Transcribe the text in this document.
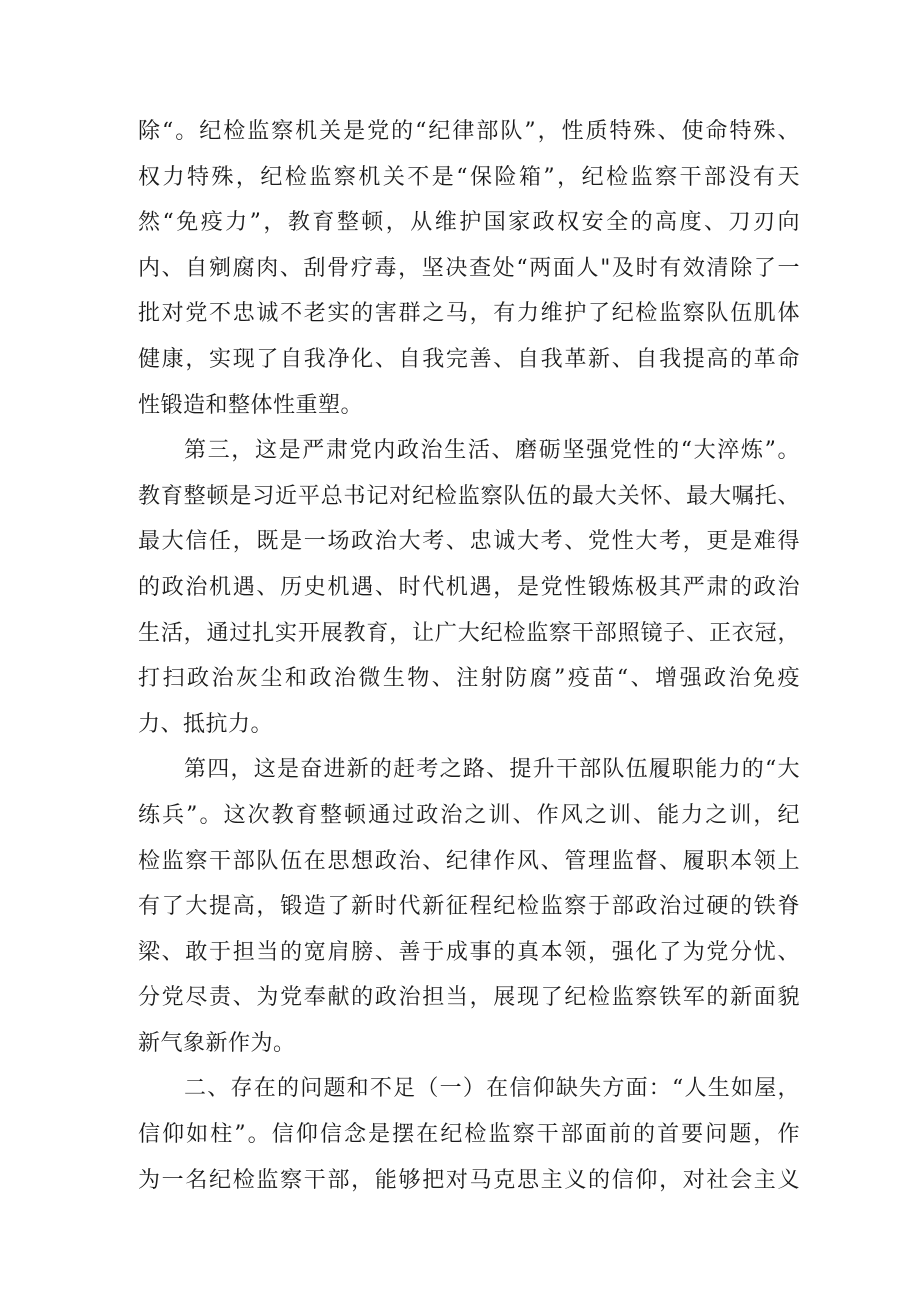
除“。纪检监察机关是党的“纪律部队”，性质特殊、使命特殊、
权力特殊，纪检监察机关不是“保险箱”，纪检监察干部没有天
然“免疫力”，教育整顿，从维护国家政权安全的高度、刀刃向
内、自剜腐肉、刮骨疗毒，坚决查处“两面人"及时有效清除了一
批对党不忠诚不老实的害群之马，有力维护了纪检监察队伍肌体
健康，实现了自我净化、自我完善、自我革新、自我提高的革命
性锻造和整体性重塑。
第三，这是严肃党内政治生活、磨砺坚强党性的“大淬炼”。
教育整顿是习近平总书记对纪检监察队伍的最大关怀、最大嘱托、
最大信任，既是一场政治大考、忠诚大考、党性大考，更是难得
的政治机遇、历史机遇、时代机遇，是党性锻炼极其严肃的政治
生活，通过扎实开展教育，让广大纪检监察干部照镜子、正衣冠，
打扫政治灰尘和政治微生物、注射防腐”疫苗“、增强政治免疫
力、抵抗力。
第四，这是奋进新的赶考之路、提升干部队伍履职能力的“大
练兵”。这次教育整顿通过政治之训、作风之训、能力之训，纪
检监察干部队伍在思想政治、纪律作风、管理监督、履职本领上
有了大提高，锻造了新时代新征程纪检监察于部政治过硬的铁脊
梁、敢于担当的宽肩膀、善于成事的真本领，强化了为党分忧、
分党尽责、为党奉献的政治担当，展现了纪检监察铁军的新面貌
新气象新作为。
二、存在的问题和不足（一）在信仰缺失方面：“人生如屋，
信仰如柱”。信仰信念是摆在纪检监察干部面前的首要问题，作
为一名纪检监察干部，能够把对马克思主义的信仰，对社会主义
